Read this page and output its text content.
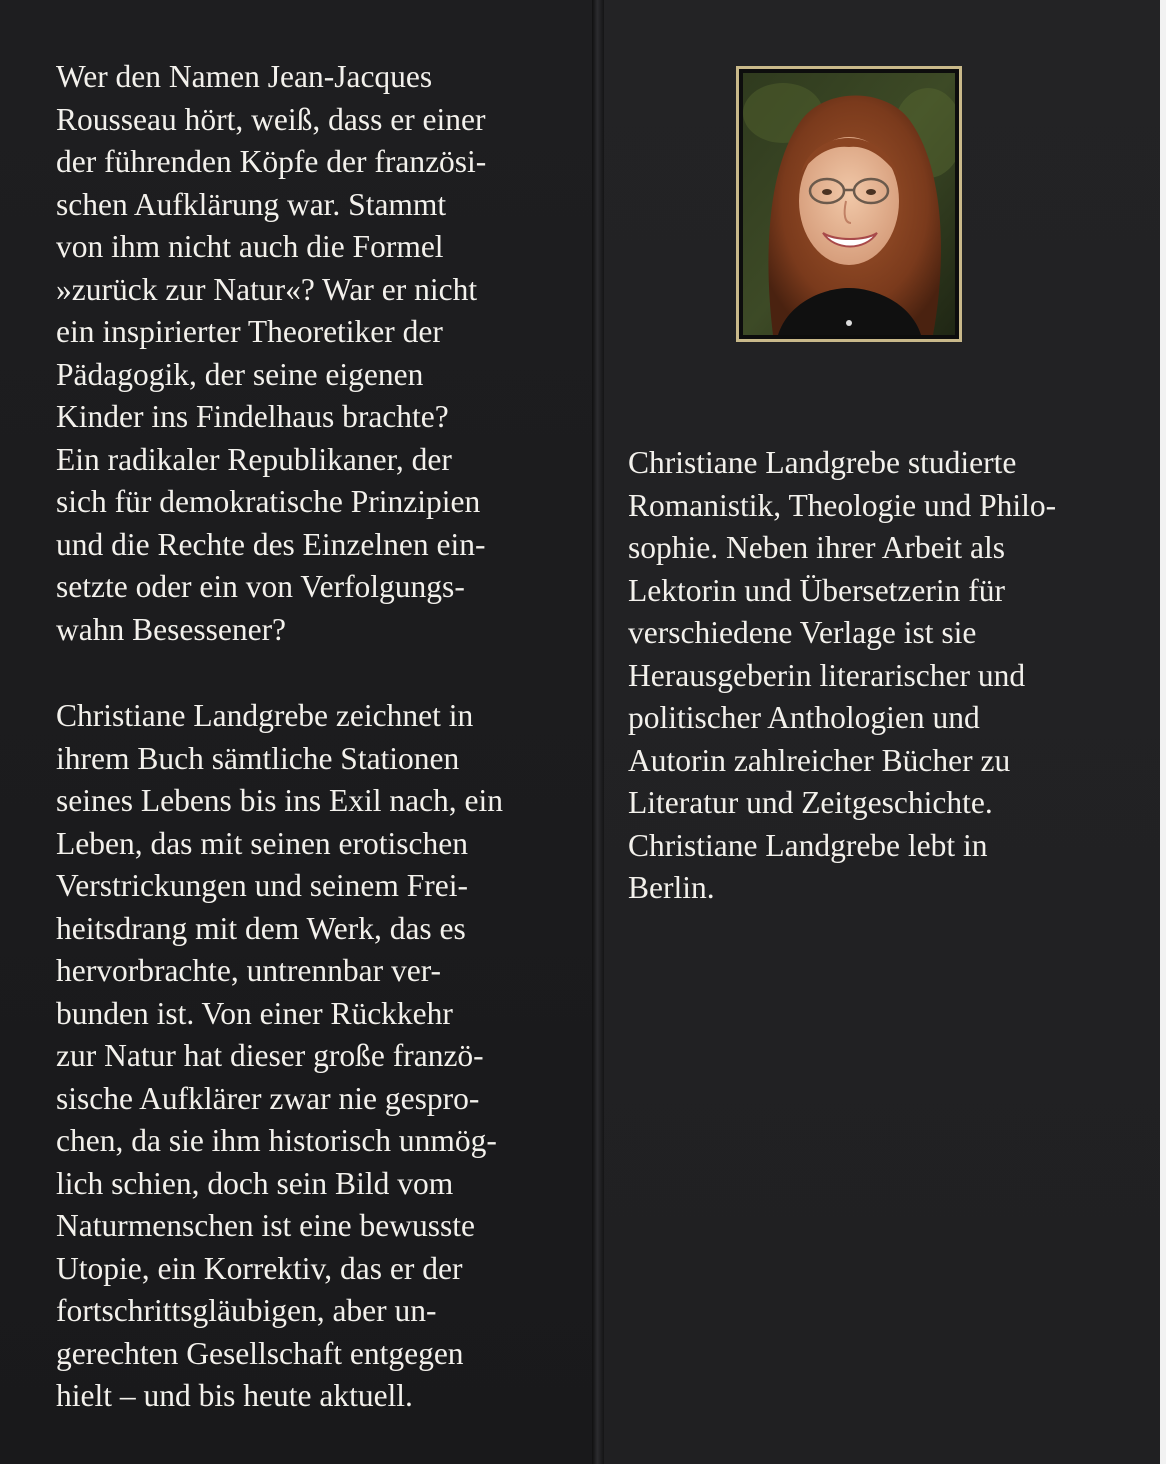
Wer den Namen Jean-Jacques
Rousseau hört, weiß, dass er einer
der führenden Köpfe der französi-
schen Aufklärung war. Stammt
von ihm nicht auch die Formel
»zurück zur Natur«? War er nicht
ein inspirierter Theoretiker der
Pädagogik, der seine eigenen
Kinder ins Findelhaus brachte?
Ein radikaler Republikaner, der
sich für demokratische Prinzipien
und die Rechte des Einzelnen ein-
setzte oder ein von Verfolgungs-
wahn Besessener?

Christiane Landgrebe zeichnet in
ihrem Buch sämtliche Stationen
seines Lebens bis ins Exil nach, ein
Leben, das mit seinen erotischen
Verstrickungen und seinem Frei-
heitsdrang mit dem Werk, das es
hervorbrachte, untrennbar ver-
bunden ist. Von einer Rückkehr
zur Natur hat dieser große franzö-
sische Aufklärer zwar nie gespro-
chen, da sie ihm historisch unmög-
lich schien, doch sein Bild vom
Naturmenschen ist eine bewusste
Utopie, ein Korrektiv, das er der
fortschrittsgläubigen, aber un-
gerechten Gesellschaft entgegen
hielt – und bis heute aktuell.

Christiane Landgrebe studierte
Romanistik, Theologie und Philo-
sophie. Neben ihrer Arbeit als
Lektorin und Übersetzerin für
verschiedene Verlage ist sie
Herausgeberin literarischer und
politischer Anthologien und
Autorin zahlreicher Bücher zu
Literatur und Zeitgeschichte.
Christiane Landgrebe lebt in
Berlin.
